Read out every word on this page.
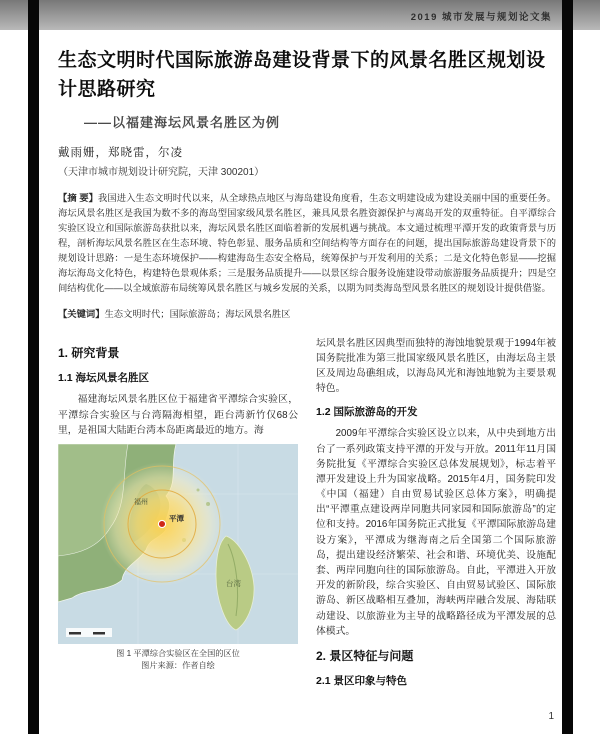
2019 城市发展与规划论文集
生态文明时代国际旅游岛建设背景下的风景名胜区规划设计思路研究
——以福建海坛风景名胜区为例
戴雨姗，郑晓雷，尔凌
（天津市城市规划设计研究院，天津 300201）

【摘 要】我国进入生态文明时代以来，从全球热点地区与海岛建设角度看，生态文明建设成为建设美丽中国的重要任务。海坛风景名胜区是我国为数不多的海岛型国家级风景名胜区，兼具风景名胜资源保护与离岛开发的双重特征。自平潭综合实验区设立和国际旅游岛获批以来，海坛风景名胜区面临着新的发展机遇与挑战。本文通过梳理平潭开发的政策背景与历程，剖析海坛风景名胜区在生态环境、特色彰显、服务品质和空间结构等方面存在的问题，提出国际旅游岛建设背景下的规划设计思路：一是生态环境保护——构建海岛生态安全格局，统筹保护与开发利用的关系；二是文化特色彰显——挖掘海坛海岛文化特色，构建特色景观体系；三是服务品质提升——以景区综合服务设施建设带动旅游服务品质提升；四是空间结构优化——以全域旅游布局统筹风景名胜区与城乡发展的关系，以期为同类海岛型风景名胜区的规划设计提供借鉴。

【关键词】生态文明时代；国际旅游岛；海坛风景名胜区

1. 研究背景
1.1 海坛风景名胜区

福建海坛风景名胜区位于福建省平潭综合实验区，平潭综合实验区与台湾隔海相望，距台湾新竹仅68公里，是祖国大陆距台湾本岛距离最近的地方。海

福州
平潭
台湾
图 1 平潭综合实验区在全国的区位
图片来源：作者自绘

坛风景名胜区因典型而独特的海蚀地貌景观于1994年被国务院批准为第三批国家级风景名胜区，由海坛岛主景区及周边岛礁组成，以海岛风光和海蚀地貌为主要景观特色。

1.2 国际旅游岛的开发

2009年平潭综合实验区设立以来，从中央到地方出台了一系列政策支持平潭的开发与开放。2011年11月国务院批复《平潭综合实验区总体发展规划》，标志着平潭开发建设上升为国家战略。2015年4月，国务院印发《中国（福建）自由贸易试验区总体方案》，明确提出“平潭重点建设两岸同胞共同家园和国际旅游岛”的定位和支持。2016年国务院正式批复《平潭国际旅游岛建设方案》，平潭成为继海南之后全国第二个国际旅游岛，提出建设经济繁荣、社会和谐、环境优美、设施配套、两岸同胞向往的国际旅游岛。自此，平潭进入开放开发的新阶段，综合实验区、自由贸易试验区、国际旅游岛、新区战略相互叠加，海峡两岸融合发展、海陆联动建设、以旅游业为主导的战略路径成为平潭发展的总体模式。

2. 景区特征与问题
2.1 景区印象与特色
1
